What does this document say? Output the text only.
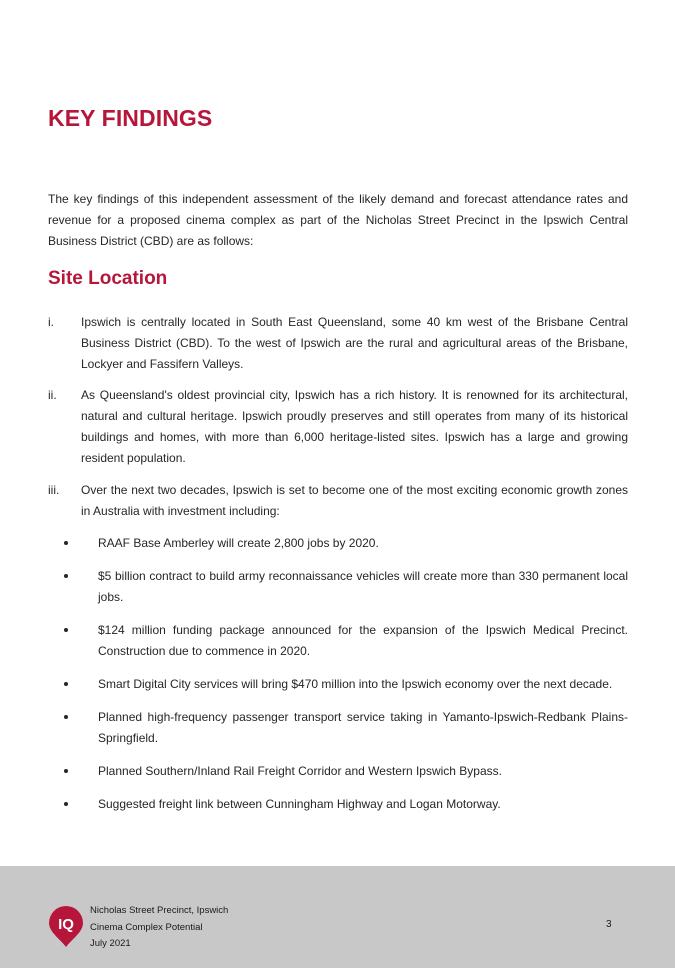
KEY FINDINGS

The key findings of this independent assessment of the likely demand and forecast attendance rates and revenue for a proposed cinema complex as part of the Nicholas Street Precinct in the Ipswich Central Business District (CBD) are as follows:

Site Location
i. Ipswich is centrally located in South East Queensland, some 40 km west of the Brisbane Central Business District (CBD). To the west of Ipswich are the rural and agricultural areas of the Brisbane, Lockyer and Fassifern Valleys.
ii. As Queensland's oldest provincial city, Ipswich has a rich history. It is renowned for its architectural, natural and cultural heritage. Ipswich proudly preserves and still operates from many of its historical buildings and homes, with more than 6,000 heritage-listed sites. Ipswich has a large and growing resident population.
iii. Over the next two decades, Ipswich is set to become one of the most exciting economic growth zones in Australia with investment including:
RAAF Base Amberley will create 2,800 jobs by 2020.
$5 billion contract to build army reconnaissance vehicles will create more than 330 permanent local jobs.
$124 million funding package announced for the expansion of the Ipswich Medical Precinct. Construction due to commence in 2020.
Smart Digital City services will bring $470 million into the Ipswich economy over the next decade.
Planned high-frequency passenger transport service taking in Yamanto-Ipswich-Redbank Plains-Springfield.
Planned Southern/Inland Rail Freight Corridor and Western Ipswich Bypass.
Suggested freight link between Cunningham Highway and Logan Motorway.
IQ
Nicholas Street Precinct, Ipswich
Cinema Complex Potential
July 2021
3
